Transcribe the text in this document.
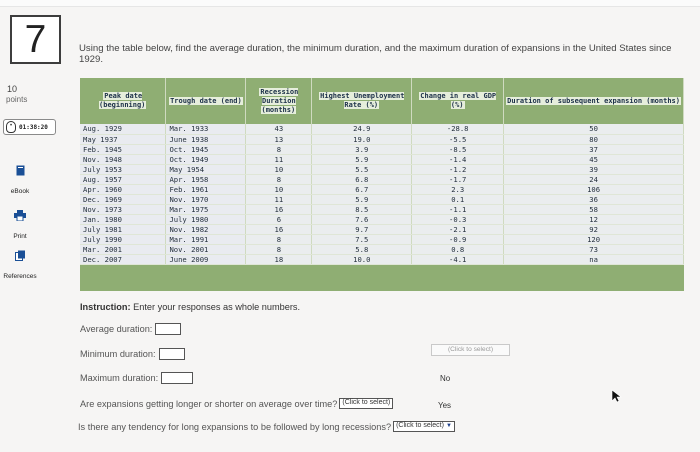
7	Using the table below, find the average duration, the minimum duration, and the maximum duration of expansions in the United States since 1929.
10
points
•	01:38:20
eBook
Print
References
Peak date (beginning)	Trough date (end)	Recession Duration (months)	Highest Unemployment Rate (%)	Change in real GDP (%)	Duration of subsequent expansion (months)
Aug. 1929	Mar. 1933	43	24.9	-28.8	50
May 1937	June 1938	13	19.0	-5.5	80
Feb. 1945	Oct. 1945	8	3.9	-8.5	37
Nov. 1948	Oct. 1949	11	5.9	-1.4	45
July 1953	May 1954	10	5.5	-1.2	39
Aug. 1957	Apr. 1958	8	6.8	-1.7	24
Apr. 1960	Feb. 1961	10	6.7	2.3	106
Dec. 1969	Nov. 1970	11	5.9	0.1	36
Nov. 1973	Mar. 1975	16	8.5	-1.1	58
Jan. 1980	July 1980	6	7.6	-0.3	12
July 1981	Nov. 1982	16	9.7	-2.1	92
July 1990	Mar. 1991	8	7.5	-0.9	120
Mar. 2001	Nov. 2001	8	5.8	0.8	73
Dec. 2007	June 2009	18	10.0	-4.1	na
Instruction: Enter your responses as whole numbers.
Average duration:
Minimum duration:
Maximum duration:
(Click to select)
No
Yes
Are expansions getting longer or shorter on average over time? (Click to select)
Is there any tendency for long expansions to be followed by long recessions? (Click to select) ▼
